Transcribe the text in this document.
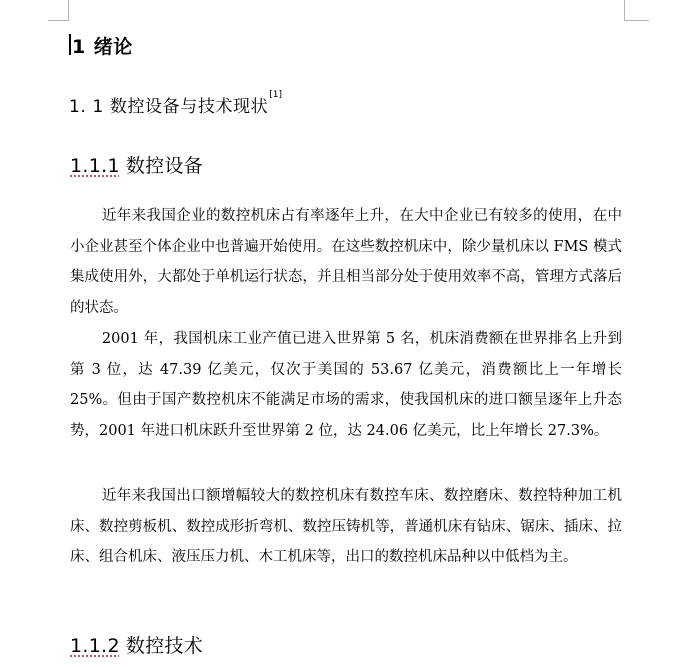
1 绪论
1. 1 数控设备与技术现状[1]
1.1.1 数控设备

近年来我国企业的数控机床占有率逐年上升，在大中企业已有较多的使用，在中小企业甚至个体企业中也普遍开始使用。在这些数控机床中，除少量机床以 FMS 模式集成使用外，大都处于单机运行状态，并且相当部分处于使用效率不高，管理方式落后的状态。

2001 年，我国机床工业产值已进入世界第 5 名，机床消费额在世界排名上升到第 3 位，达 47.39 亿美元，仅次于美国的 53.67 亿美元，消费额比上一年增长 25%。但由于国产数控机床不能满足市场的需求，使我国机床的进口额呈逐年上升态势，2001 年进口机床跃升至世界第 2 位，达 24.06 亿美元，比上年增长 27.3%。

近年来我国出口额增幅较大的数控机床有数控车床、数控磨床、数控特种加工机床、数控剪板机、数控成形折弯机、数控压铸机等，普通机床有钻床、锯床、插床、拉床、组合机床、液压压力机、木工机床等，出口的数控机床品种以中低档为主。

1.1.2 数控技术
